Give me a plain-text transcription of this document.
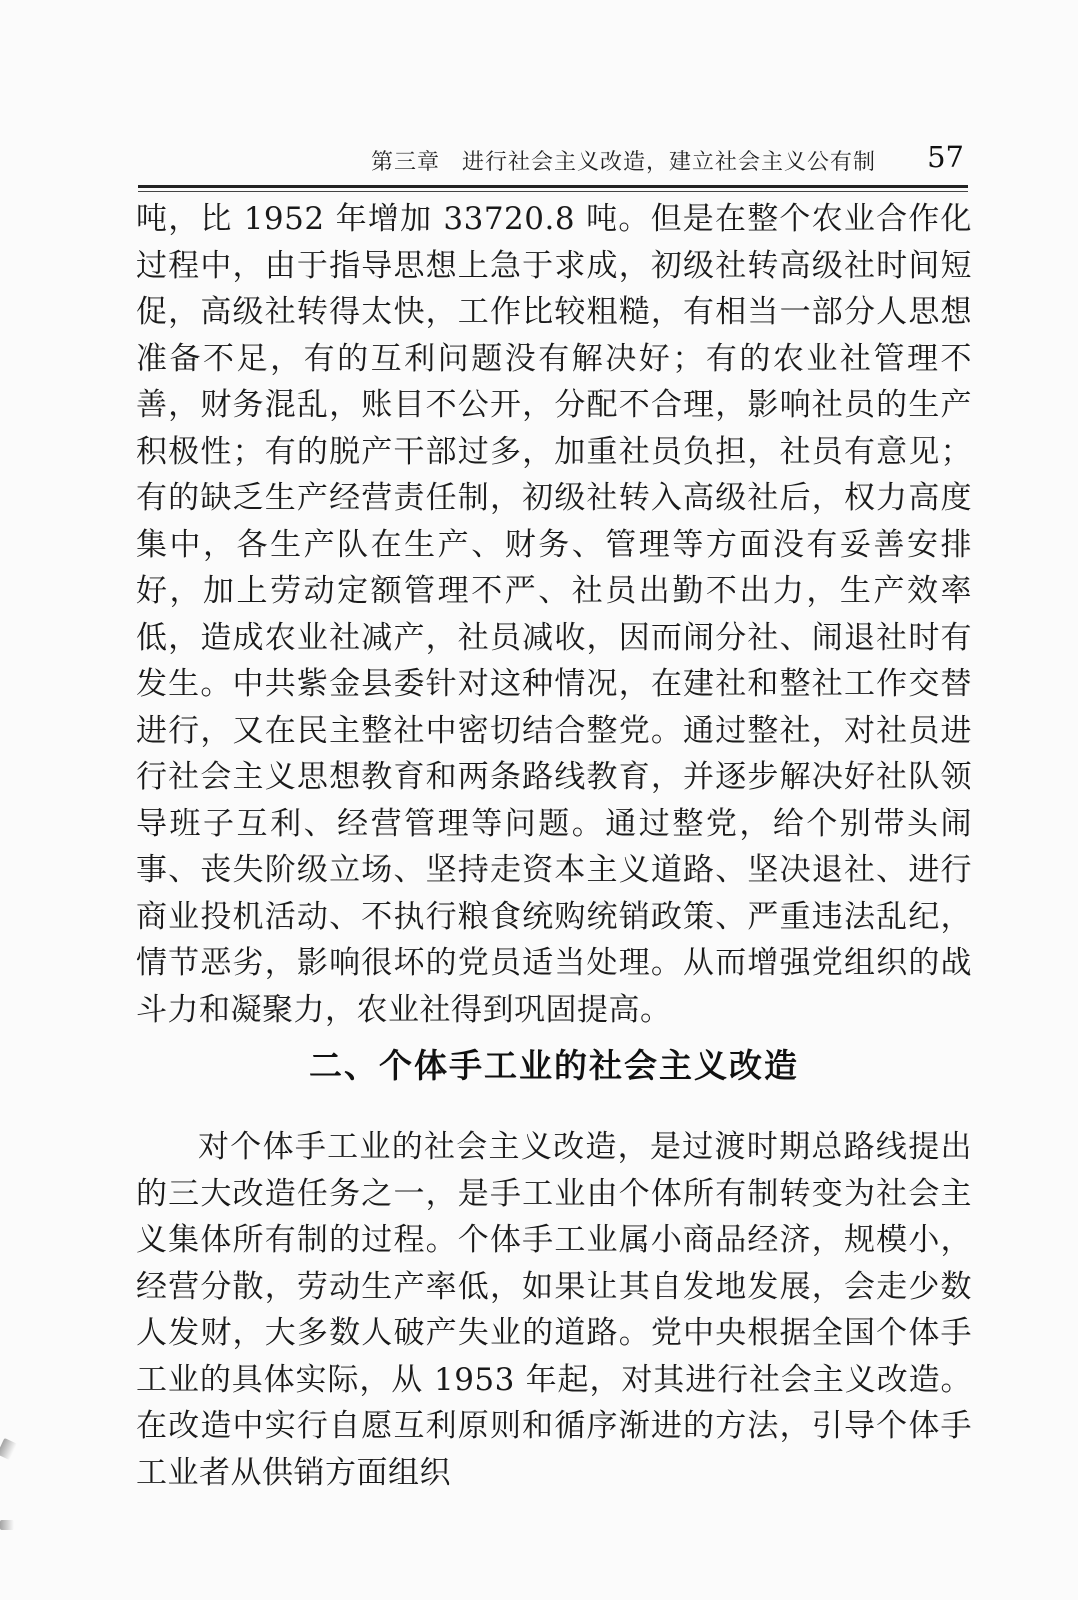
第三章 进行社会主义改造，建立社会主义公有制 57

吨，比 1952 年增加 33720.8 吨。但是在整个农业合作化过程中，由于指导思想上急于求成，初级社转高级社时间短促，高级社转得太快，工作比较粗糙，有相当一部分人思想准备不足，有的互利问题没有解决好；有的农业社管理不善，财务混乱，账目不公开，分配不合理，影响社员的生产积极性；有的脱产干部过多，加重社员负担，社员有意见；有的缺乏生产经营责任制，初级社转入高级社后，权力高度集中，各生产队在生产、财务、管理等方面没有妥善安排好，加上劳动定额管理不严、社员出勤不出力，生产效率低，造成农业社减产，社员减收，因而闹分社、闹退社时有发生。中共紫金县委针对这种情况，在建社和整社工作交替进行，又在民主整社中密切结合整党。通过整社，对社员进行社会主义思想教育和两条路线教育，并逐步解决好社队领导班子互利、经营管理等问题。通过整党，给个别带头闹事、丧失阶级立场、坚持走资本主义道路、坚决退社、进行商业投机活动、不执行粮食统购统销政策、严重违法乱纪，情节恶劣，影响很坏的党员适当处理。从而增强党组织的战斗力和凝聚力，农业社得到巩固提高。

二、个体手工业的社会主义改造

对个体手工业的社会主义改造，是过渡时期总路线提出的三大改造任务之一，是手工业由个体所有制转变为社会主义集体所有制的过程。个体手工业属小商品经济，规模小，经营分散，劳动生产率低，如果让其自发地发展，会走少数人发财，大多数人破产失业的道路。党中央根据全国个体手工业的具体实际，从 1953 年起，对其进行社会主义改造。在改造中实行自愿互利原则和循序渐进的方法，引导个体手工业者从供销方面组织
